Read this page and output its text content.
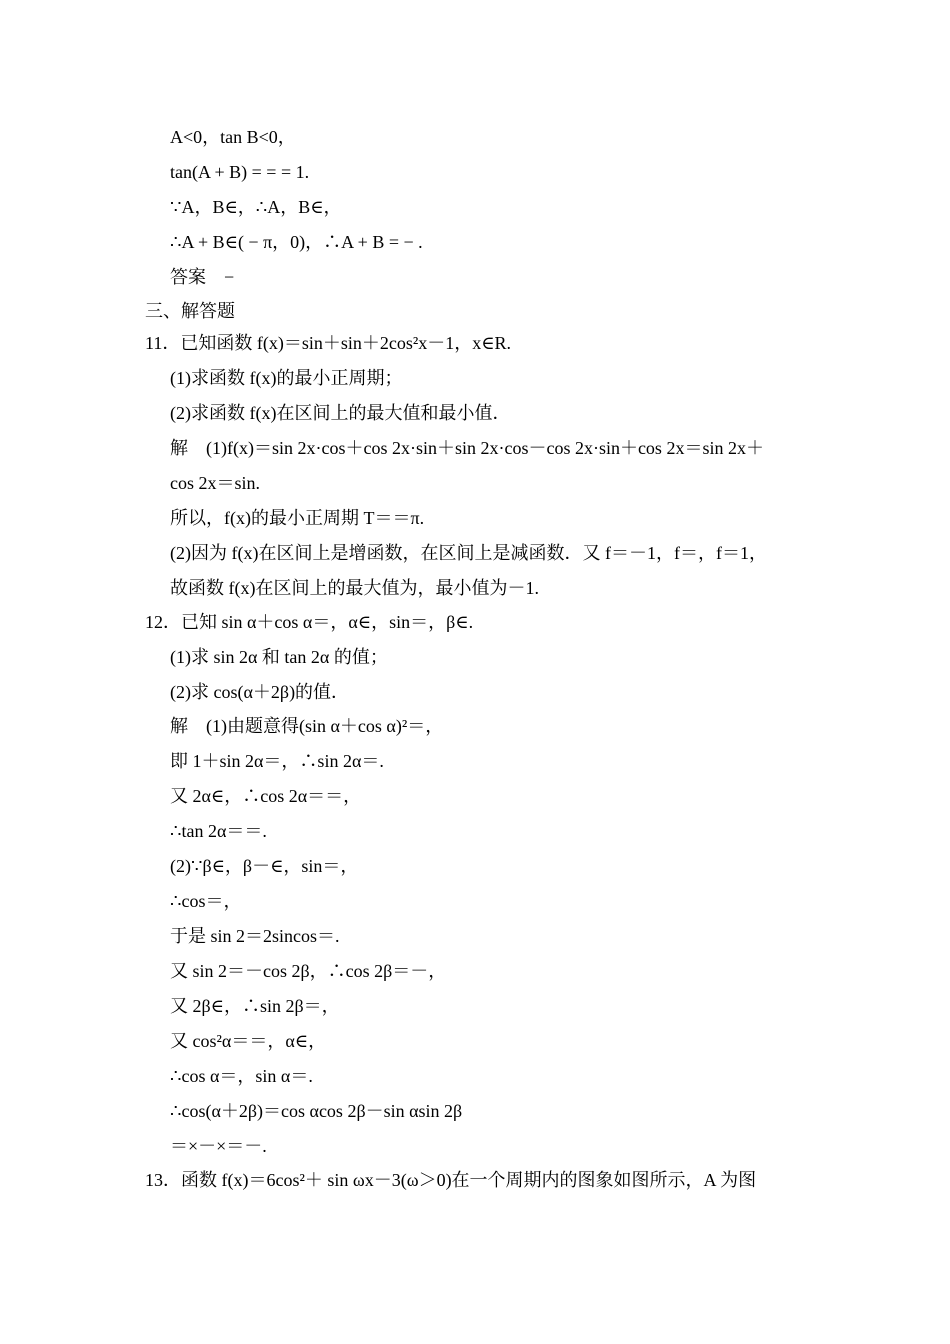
A<0，tan B<0，
tan(A + B) = = = 1.
∵A，B∈，∴A，B∈，
∴A + B∈( − π，0)，∴A + B = − .
答案　−
三、解答题
11．已知函数 f(x)＝sin＋sin＋2cos²x－1，x∈R.
(1)求函数 f(x)的最小正周期；
(2)求函数 f(x)在区间上的最大值和最小值．
解　(1)f(x)＝sin 2x·cos＋cos 2x·sin＋sin 2x·cos－cos 2x·sin＋cos 2x＝sin 2x＋
cos 2x＝sin.
所以，f(x)的最小正周期 T＝＝π.
(2)因为 f(x)在区间上是增函数，在区间上是减函数．又 f＝－1，f＝，f＝1，
故函数 f(x)在区间上的最大值为，最小值为－1.
12．已知 sin α＋cos α＝，α∈，sin＝，β∈.
(1)求 sin 2α 和 tan 2α 的值；
(2)求 cos(α＋2β)的值．
解　(1)由题意得(sin α＋cos α)²＝，
即 1＋sin 2α＝，∴sin 2α＝.
又 2α∈，∴cos 2α＝＝，
∴tan 2α＝＝.
(2)∵β∈，β－∈，sin＝，
∴cos＝，
于是 sin 2＝2sincos＝.
又 sin 2＝－cos 2β，∴cos 2β＝－，
又 2β∈，∴sin 2β＝，
又 cos²α＝＝，α∈，
∴cos α＝，sin α＝.
∴cos(α＋2β)＝cos αcos 2β－sin αsin 2β
＝×－×＝－.
13．函数 f(x)＝6cos²＋ sin ωx－3(ω＞0)在一个周期内的图象如图所示，A 为图
